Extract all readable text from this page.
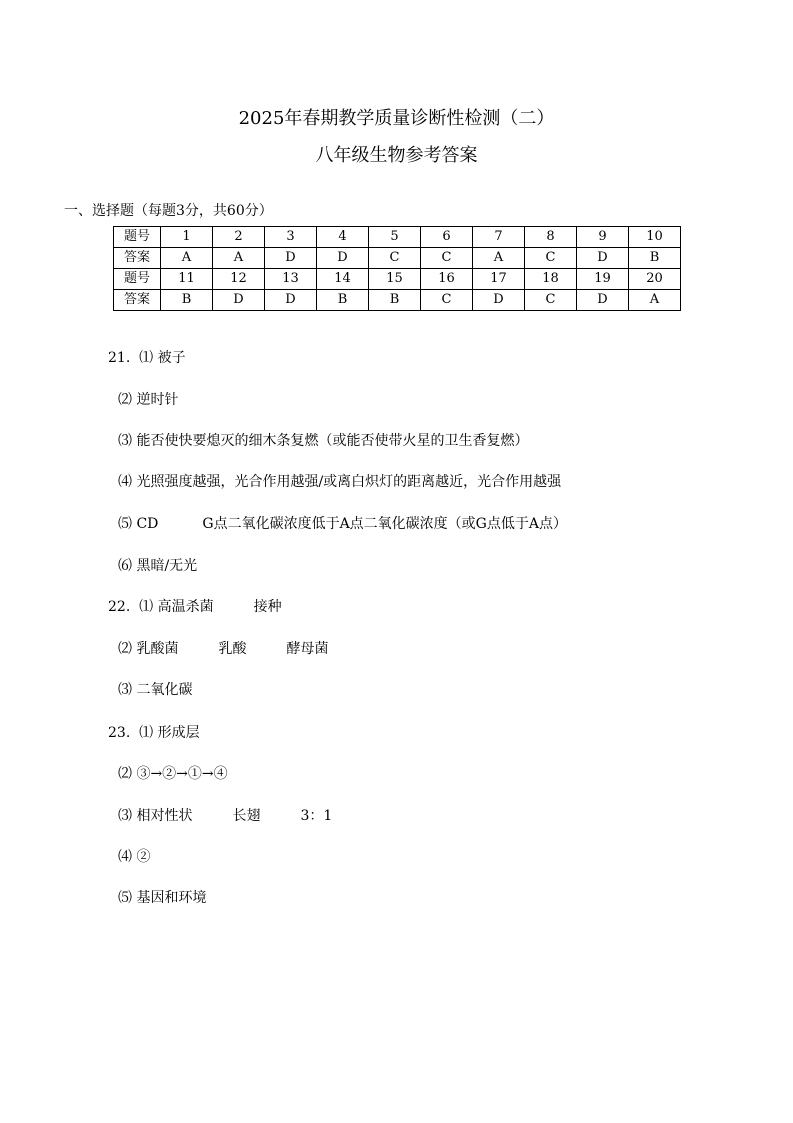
2025年春期教学质量诊断性检测（二）
八年级生物参考答案
一、选择题（每题3分，共60分）
题号	1	2	3	4	5	6	7	8	9	10
答案	A	A	D	D	C	C	A	C	D	B
题号	11	12	13	14	15	16	17	18	19	20
答案	B	D	D	B	B	C	D	C	D	A
21.  ⑴ 被子
⑵ 逆时针
⑶ 能否使快要熄灭的细木条复燃（或能否使带火星的卫生香复燃）
⑷ 光照强度越强，光合作用越强/或离白炽灯的距离越近，光合作用越强
⑸ CD	G点二氧化碳浓度低于A点二氧化碳浓度（或G点低于A点）
⑹ 黑暗/无光
22.  ⑴ 高温杀菌	接种
⑵ 乳酸菌	乳酸	酵母菌
⑶ 二氧化碳
23.  ⑴ 形成层
⑵ ③→②→①→④
⑶ 相对性状	长翅	3：1
⑷ ②
⑸ 基因和环境
